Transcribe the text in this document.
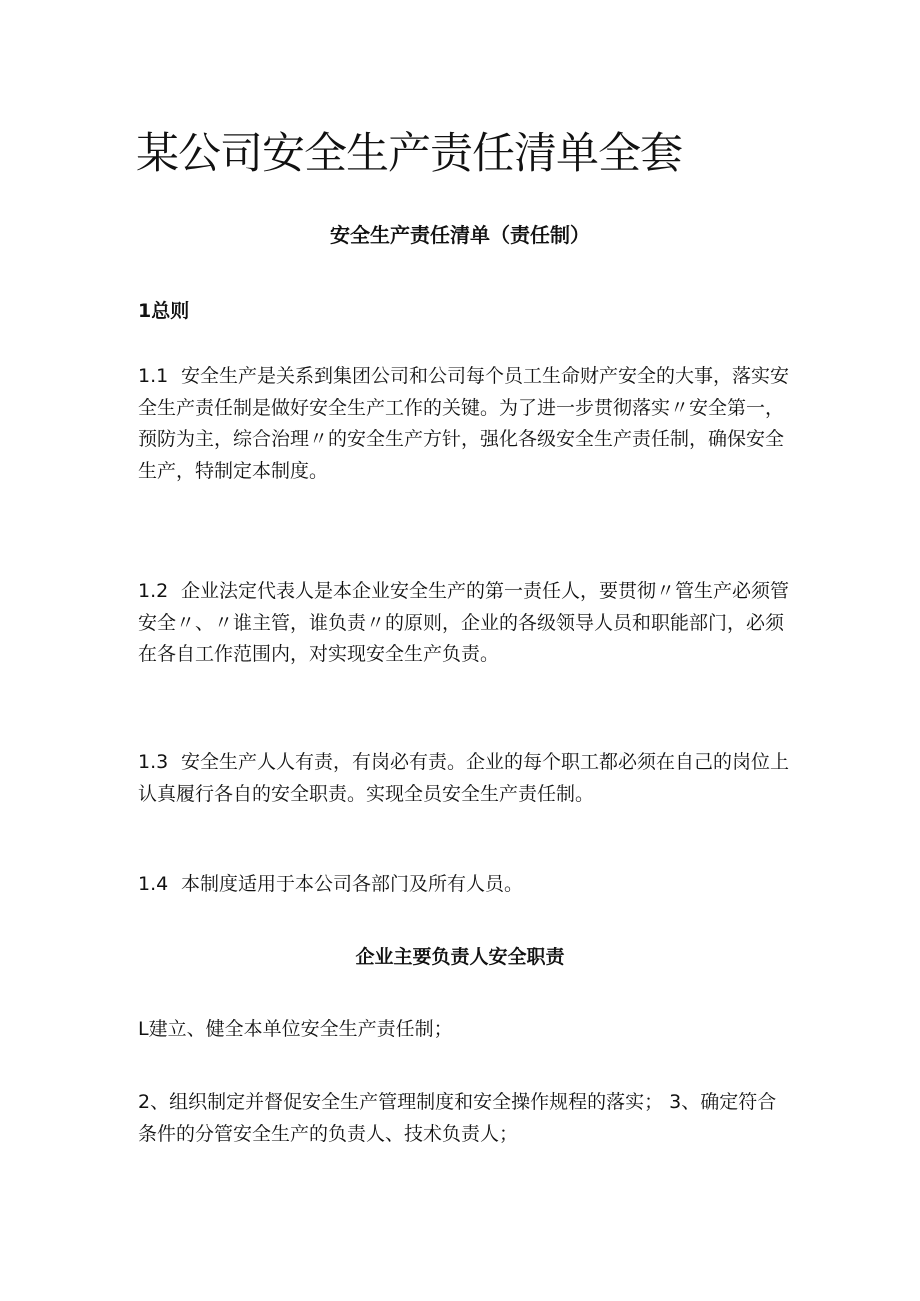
某公司安全生产责任清单全套
安全生产责任清单（责任制）
1总则

1.1 安全生产是关系到集团公司和公司每个员工生命财产安全的大事，落实安全生产责任制是做好安全生产工作的关键。为了进一步贯彻落实〃安全第一，预防为主，综合治理〃的安全生产方针，强化各级安全生产责任制，确保安全生产，特制定本制度。

1.2 企业法定代表人是本企业安全生产的第一责任人，要贯彻〃管生产必须管安全〃、〃谁主管，谁负责〃的原则，企业的各级领导人员和职能部门，必须在各自工作范围内，对实现安全生产负责。

1.3 安全生产人人有责，有岗必有责。企业的每个职工都必须在自己的岗位上认真履行各自的安全职责。实现全员安全生产责任制。

1.4 本制度适用于本公司各部门及所有人员。

企业主要负责人安全职责

L建立、健全本单位安全生产责任制；

2、组织制定并督促安全生产管理制度和安全操作规程的落实； 3、确定符合条件的分管安全生产的负责人、技术负责人；
